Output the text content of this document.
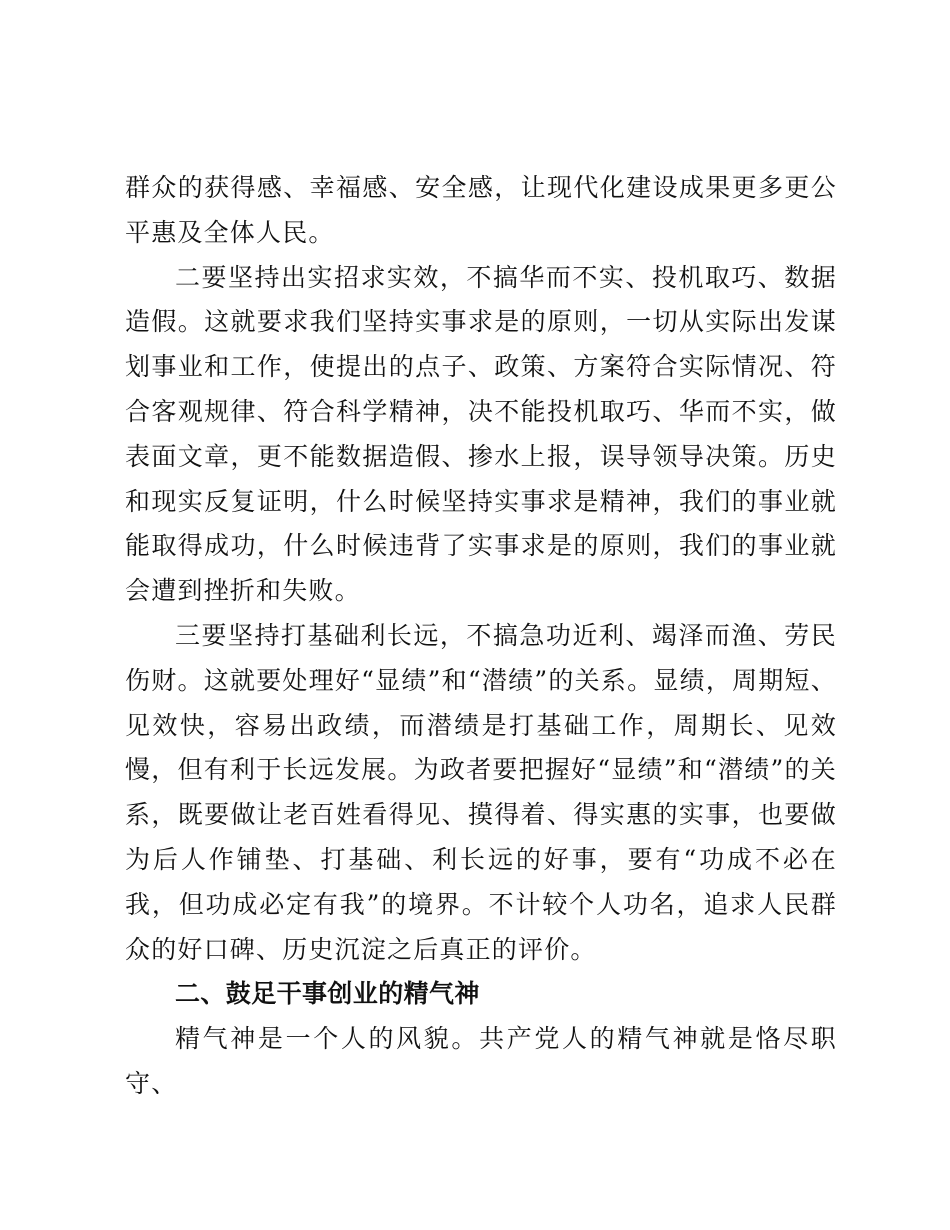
群众的获得感、幸福感、安全感，让现代化建设成果更多更公平惠及全体人民。

二要坚持出实招求实效，不搞华而不实、投机取巧、数据造假。这就要求我们坚持实事求是的原则，一切从实际出发谋划事业和工作，使提出的点子、政策、方案符合实际情况、符合客观规律、符合科学精神，决不能投机取巧、华而不实，做表面文章，更不能数据造假、掺水上报，误导领导决策。历史和现实反复证明，什么时候坚持实事求是精神，我们的事业就能取得成功，什么时候违背了实事求是的原则，我们的事业就会遭到挫折和失败。

三要坚持打基础利长远，不搞急功近利、竭泽而渔、劳民伤财。这就要处理好“显绩”和“潜绩”的关系。显绩，周期短、见效快，容易出政绩，而潜绩是打基础工作，周期长、见效慢，但有利于长远发展。为政者要把握好“显绩”和“潜绩”的关系，既要做让老百姓看得见、摸得着、得实惠的实事，也要做为后人作铺垫、打基础、利长远的好事，要有“功成不必在我，但功成必定有我”的境界。不计较个人功名，追求人民群众的好口碑、历史沉淀之后真正的评价。

二、鼓足干事创业的精气神

精气神是一个人的风貌。共产党人的精气神就是恪尽职守、
